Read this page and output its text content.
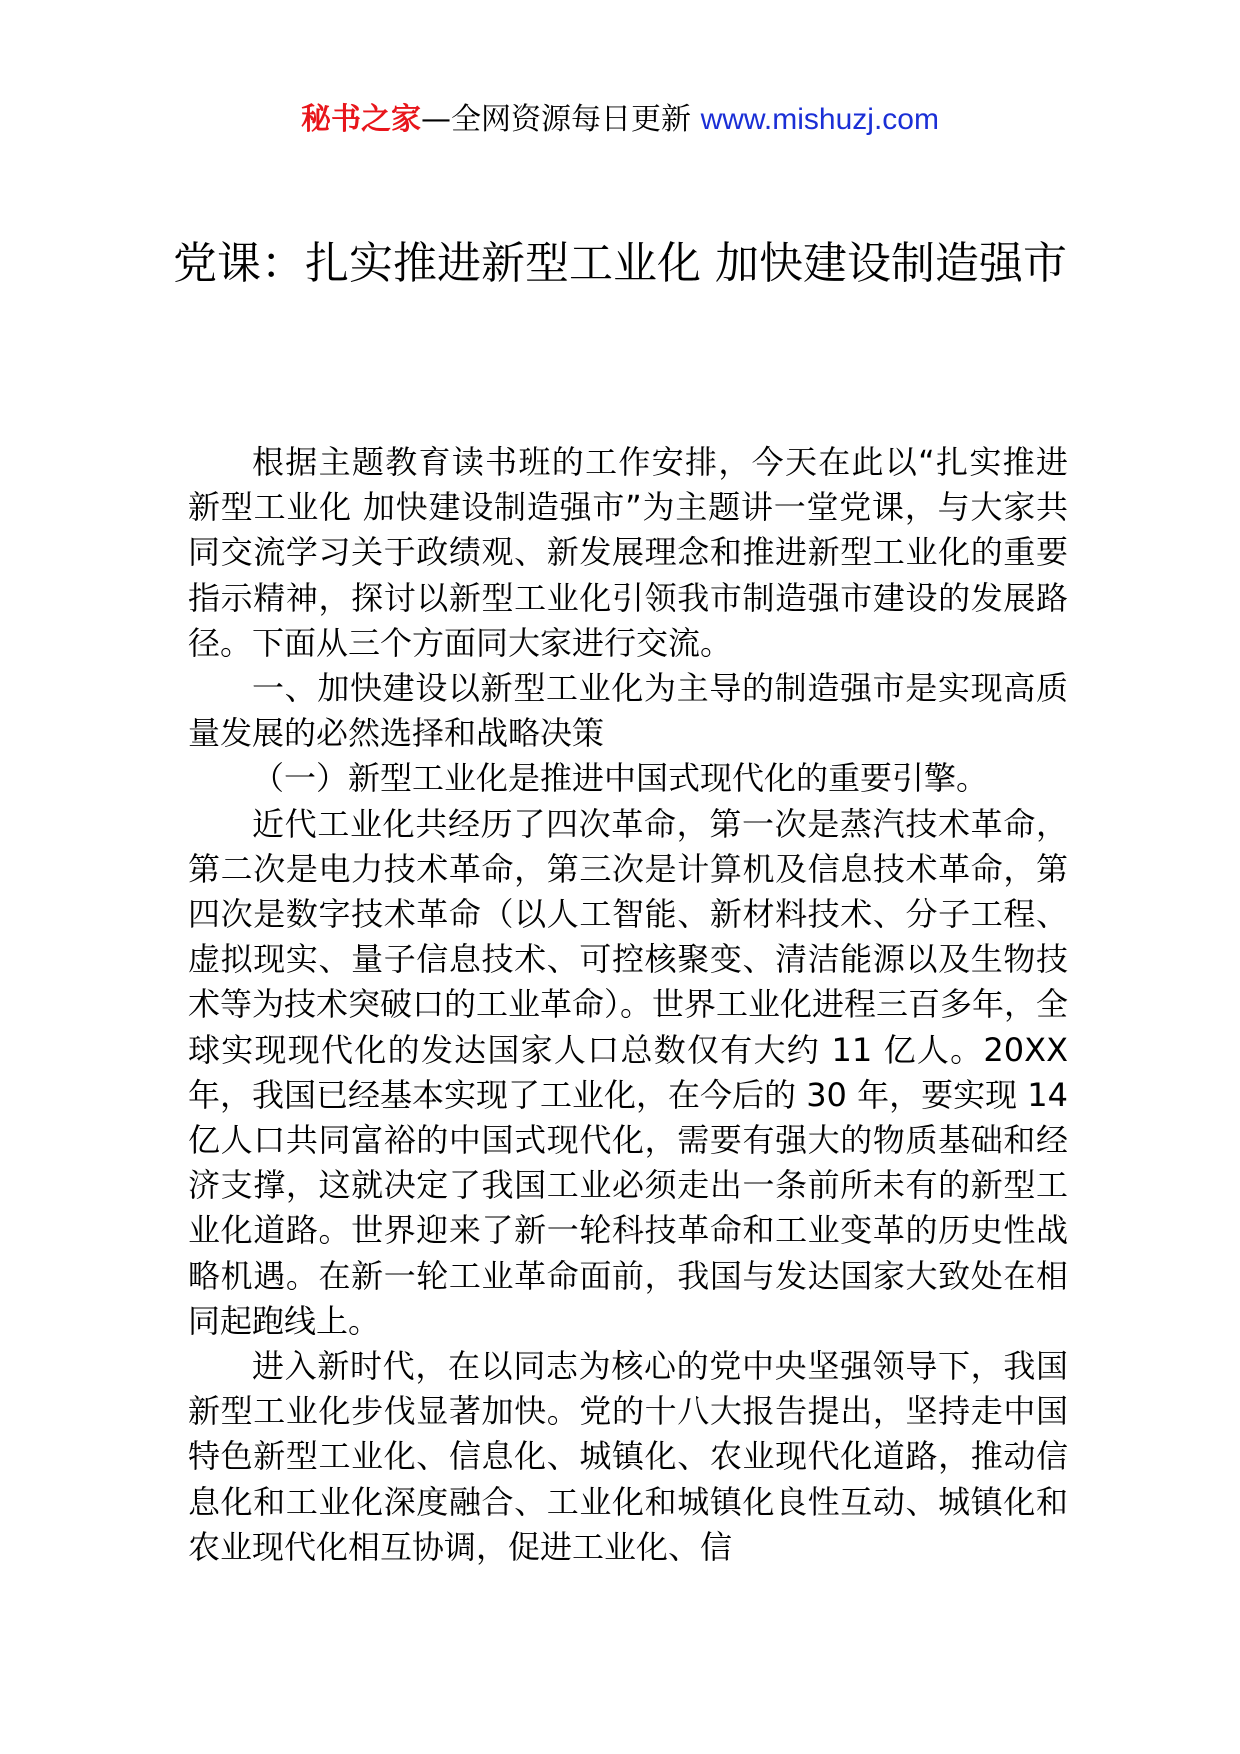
秘书之家—全网资源每日更新 www.mishuzj.com
党课：扎实推进新型工业化 加快建设制造强市

根据主题教育读书班的工作安排，今天在此以“扎实推进新型工业化 加快建设制造强市”为主题讲一堂党课，与大家共同交流学习关于政绩观、新发展理念和推进新型工业化的重要指示精神，探讨以新型工业化引领我市制造强市建设的发展路径。下面从三个方面同大家进行交流。

一、加快建设以新型工业化为主导的制造强市是实现高质量发展的必然选择和战略决策

（一）新型工业化是推进中国式现代化的重要引擎。

近代工业化共经历了四次革命，第一次是蒸汽技术革命，第二次是电力技术革命，第三次是计算机及信息技术革命，第四次是数字技术革命（以人工智能、新材料技术、分子工程、虚拟现实、量子信息技术、可控核聚变、清洁能源以及生物技术等为技术突破口的工业革命）。世界工业化进程三百多年，全球实现现代化的发达国家人口总数仅有大约 11 亿人。20XX 年，我国已经基本实现了工业化，在今后的 30 年，要实现 14 亿人口共同富裕的中国式现代化，需要有强大的物质基础和经济支撑，这就决定了我国工业必须走出一条前所未有的新型工业化道路。世界迎来了新一轮科技革命和工业变革的历史性战略机遇。在新一轮工业革命面前，我国与发达国家大致处在相同起跑线上。

进入新时代，在以同志为核心的党中央坚强领导下，我国新型工业化步伐显著加快。党的十八大报告提出，坚持走中国特色新型工业化、信息化、城镇化、农业现代化道路，推动信息化和工业化深度融合、工业化和城镇化良性互动、城镇化和农业现代化相互协调，促进工业化、信
